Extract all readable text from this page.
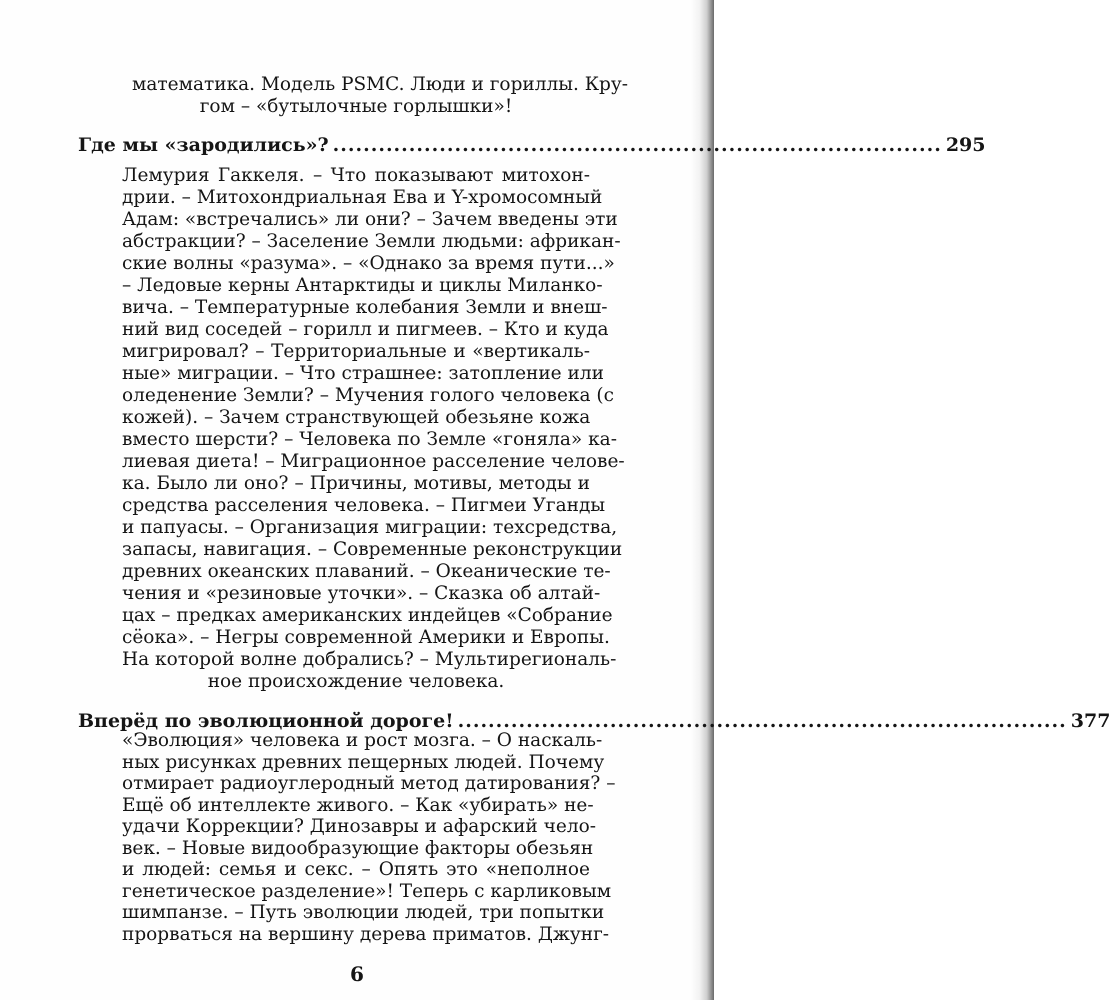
математика. Модель PSMC. Люди и гориллы. Кру-
гом – «бутылочные горлышки»!
Где мы «зародились»? ................................................................................ 295
Лемурия Гаккеля. – Что показывают митохон-
дрии. – Митохондриальная Ева и Y-хромосомный
Адам: «встречались» ли они? – Зачем введены эти
абстракции? – Заселение Земли людьми: африкан-
ские волны «разума». – «Однако за время пути...»
– Ледовые керны Антарктиды и циклы Миланко-
вича. – Температурные колебания Земли и внеш-
ний вид соседей – горилл и пигмеев. – Кто и куда
мигрировал? – Территориальные и «вертикаль-
ные» миграции. – Что страшнее: затопление или
оледенение Земли? – Мучения голого человека (с
кожей). – Зачем странствующей обезьяне кожа
вместо шерсти? – Человека по Земле «гоняла» ка-
лиевая диета! – Миграционное расселение челове-
ка. Было ли оно? – Причины, мотивы, методы и
средства расселения человека. – Пигмеи Уганды
и папуасы. – Организация миграции: техсредства,
запасы, навигация. – Современные реконструкции
древних океанских плаваний. – Океанические те-
чения и «резиновые уточки». – Сказка об алтай-
цах – предках американских индейцев «Собрание
сёока». – Негры современной Америки и Европы.
На которой волне добрались? – Мультирегиональ-
ное происхождение человека.
Вперёд по эволюционной дороге! ................................................................................ 377
«Эволюция» человека и рост мозга. – О наскаль-
ных рисунках древних пещерных людей. Почему
отмирает радиоуглеродный метод датирования? –
Ещё об интеллекте живого. – Как «убирать» не-
удачи Коррекции? Динозавры и афарский чело-
век. – Новые видообразующие факторы обезьян
и людей: семья и секс. – Опять это «неполное
генетическое разделение»! Теперь с карликовым
шимпанзе. – Путь эволюции людей, три попытки
прорваться на вершину дерева приматов. Джунг-
6
